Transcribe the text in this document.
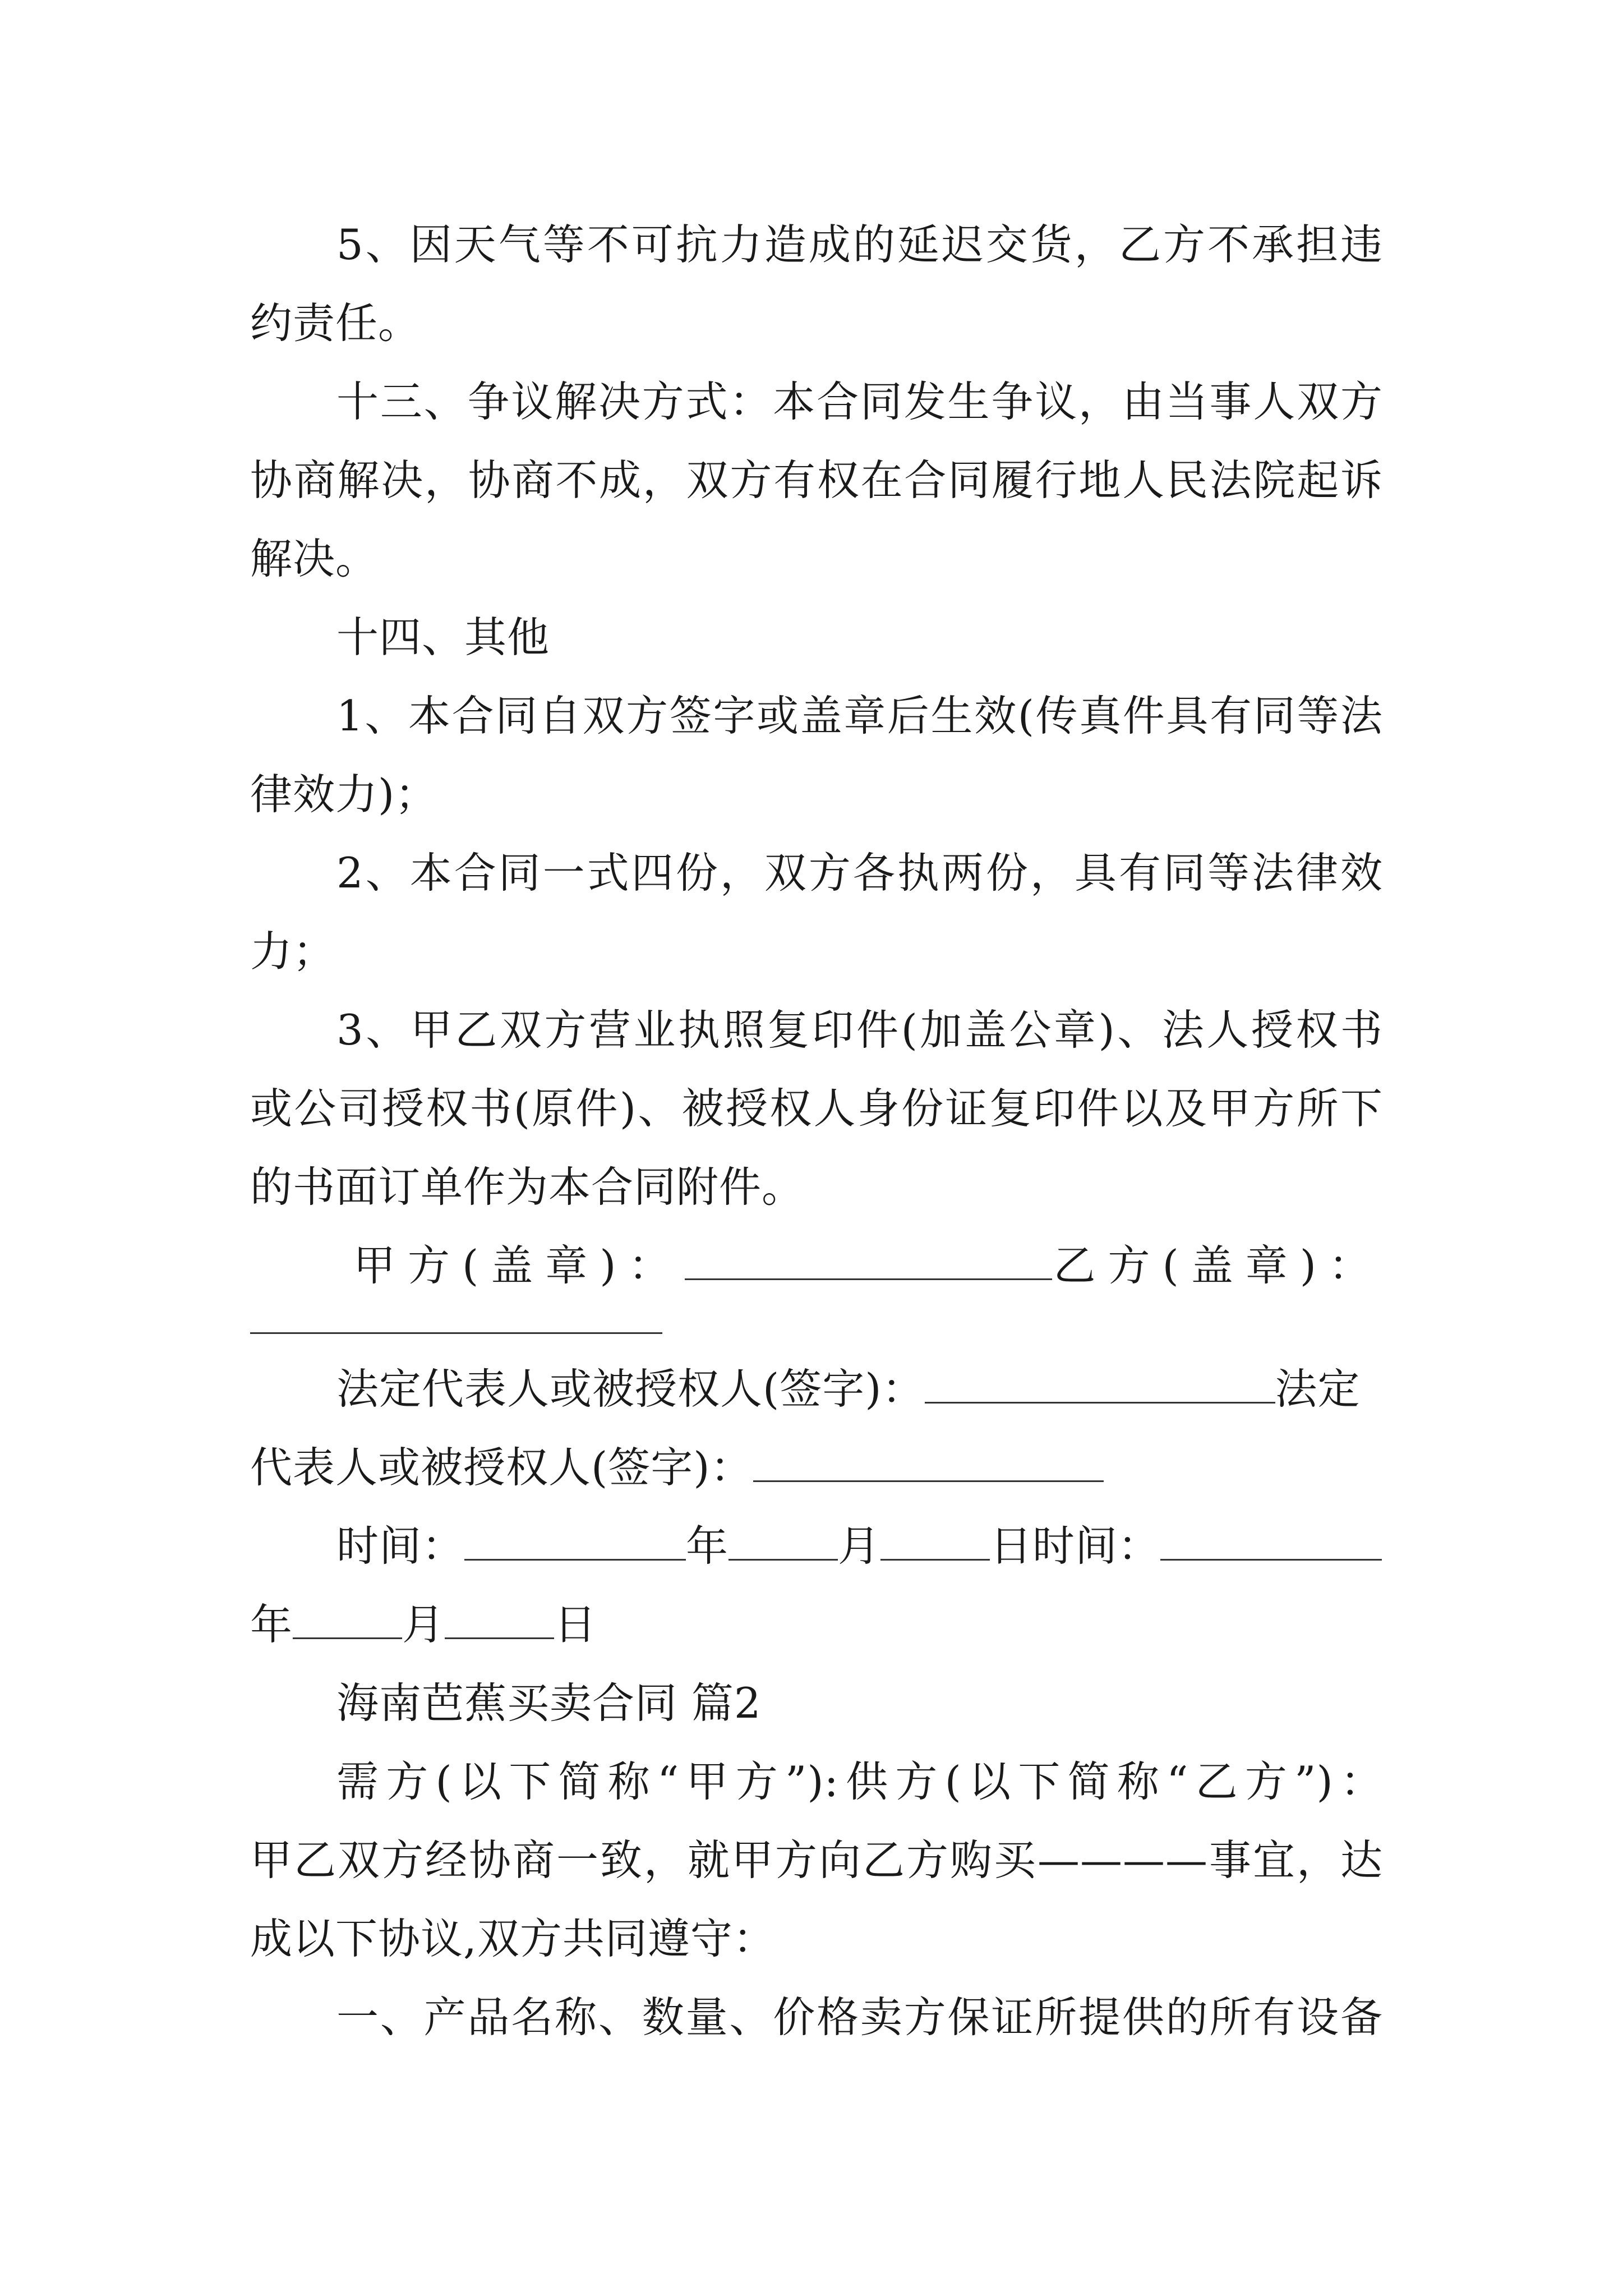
5、因天气等不可抗力造成的延迟交货，乙方不承担违
约责任。
十三、争议解决方式：本合同发生争议，由当事人双方
协商解决，协商不成，双方有权在合同履行地人民法院起诉
解决。
十四、其他
1、本合同自双方签字或盖章后生效(传真件具有同等法
律效力)；
2、本合同一式四份，双方各执两份，具有同等法律效
力；
3、甲乙双方营业执照复印件(加盖公章)、法人授权书
或公司授权书(原件)、被授权人身份证复印件以及甲方所下
的书面订单作为本合同附件。
甲方(盖章)：	乙方(盖章)：
法定代表人或被授权人(签字)：	法定
代表人或被授权人(签字)：
时间：	年	月	日时间：
年	月	日
海南芭蕉买卖合同 篇2
需方(以下简称“甲方”):供方(以下简称“乙方”)：
甲乙双方经协商一致，就甲方向乙方购买————事宜，达
成以下协议,双方共同遵守：
一、产品名称、数量、价格卖方保证所提供的所有设备
